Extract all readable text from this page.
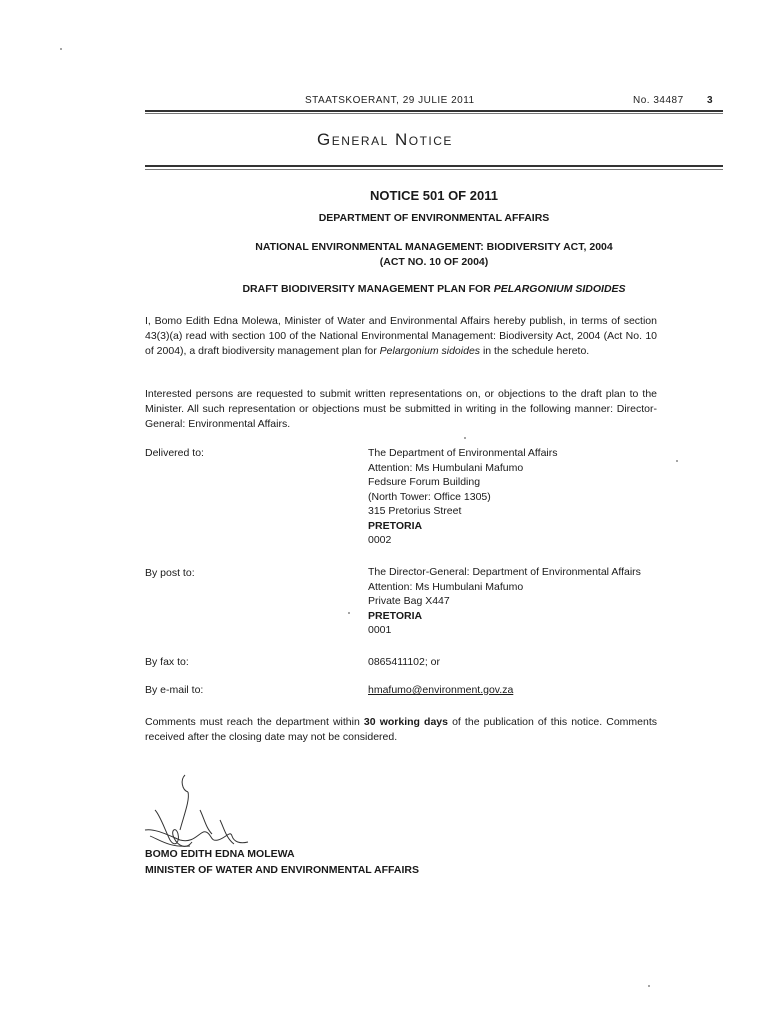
STAATSKOERANT, 29 JULIE 2011	No. 34487 3
General Notice
NOTICE 501 OF 2011
DEPARTMENT OF ENVIRONMENTAL AFFAIRS
NATIONAL ENVIRONMENTAL MANAGEMENT: BIODIVERSITY ACT, 2004
(ACT NO. 10 OF 2004)
DRAFT BIODIVERSITY MANAGEMENT PLAN FOR PELARGONIUM SIDOIDES
I, Bomo Edith Edna Molewa, Minister of Water and Environmental Affairs hereby publish, in terms of section 43(3)(a) read with section 100 of the National Environmental Management: Biodiversity Act, 2004 (Act No. 10 of 2004), a draft biodiversity management plan for Pelargonium sidoides in the schedule hereto.
Interested persons are requested to submit written representations on, or objections to the draft plan to the Minister. All such representation or objections must be submitted in writing in the following manner: Director-General: Environmental Affairs.
Delivered to:	The Department of Environmental Affairs
Attention: Ms Humbulani Mafumo
Fedsure Forum Building
(North Tower: Office 1305)
315 Pretorius Street
PRETORIA
0002
By post to:	The Director-General: Department of Environmental Affairs
Attention: Ms Humbulani Mafumo
Private Bag X447
PRETORIA
0001
By fax to:	0865411102; or
By e-mail to:	hmafumo@environment.gov.za
Comments must reach the department within 30 working days of the publication of this notice. Comments received after the closing date may not be considered.
BOMO EDITH EDNA MOLEWA
MINISTER OF WATER AND ENVIRONMENTAL AFFAIRS
